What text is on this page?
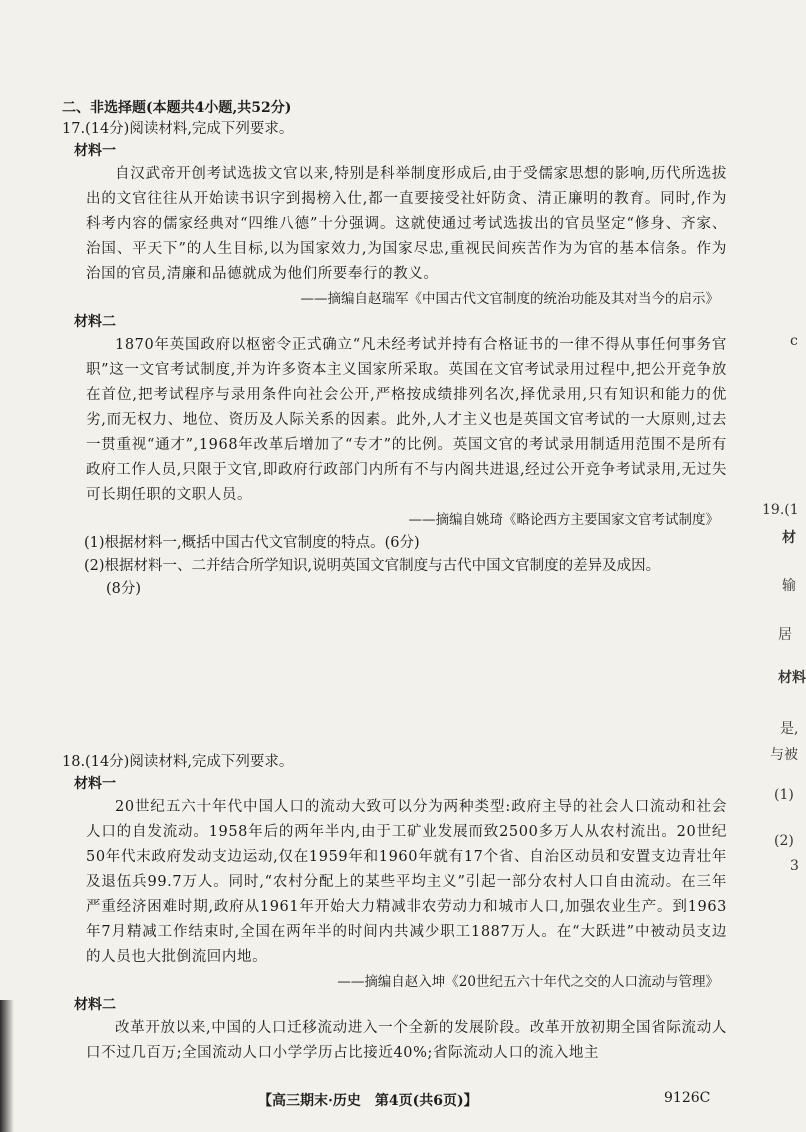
二、非选择题(本题共4小题,共52分)

17.(14分)阅读材料,完成下列要求。

材料一

自汉武帝开创考试选拔文官以来,特别是科举制度形成后,由于受儒家思想的影响,历代所选拔出的文官往往从开始读书识字到揭榜入仕,都一直要接受社奸防贪、清正廉明的教育。同时,作为科考内容的儒家经典对“四维八德”十分强调。这就使通过考试选拔出的官员坚定“修身、齐家、治国、平天下”的人生目标,以为国家效力,为国家尽忠,重视民间疾苦作为为官的基本信条。作为治国的官员,清廉和品德就成为他们所要奉行的教义。

——摘编自赵瑞军《中国古代文官制度的统治功能及其对当今的启示》

材料二

1870年英国政府以枢密令正式确立“凡未经考试并持有合格证书的一律不得从事任何事务官职”这一文官考试制度,并为许多资本主义国家所采取。英国在文官考试录用过程中,把公开竞争放在首位,把考试程序与录用条件向社会公开,严格按成绩排列名次,择优录用,只有知识和能力的优劣,而无权力、地位、资历及人际关系的因素。此外,人才主义也是英国文官考试的一大原则,过去一贯重视“通才”,1968年改革后增加了“专才”的比例。英国文官的考试录用制适用范围不是所有政府工作人员,只限于文官,即政府行政部门内所有不与内阁共进退,经过公开竞争考试录用,无过失可长期任职的文职人员。

——摘编自姚琦《略论西方主要国家文官考试制度》

(1)根据材料一,概括中国古代文官制度的特点。(6分)

(2)根据材料一、二并结合所学知识,说明英国文官制度与古代中国文官制度的差异及成因。

(8分)

18.(14分)阅读材料,完成下列要求。

材料一

20世纪五六十年代中国人口的流动大致可以分为两种类型:政府主导的社会人口流动和社会人口的自发流动。1958年后的两年半内,由于工矿业发展而致2500多万人从农村流出。20世纪50年代末政府发动支边运动,仅在1959年和1960年就有17个省、自治区动员和安置支边青壮年及退伍兵99.7万人。同时,“农村分配上的某些平均主义”引起一部分农村人口自由流动。在三年严重经济困难时期,政府从1961年开始大力精减非农劳动力和城市人口,加强农业生产。到1963年7月精减工作结束时,全国在两年半的时间内共减少职工1887万人。在“大跃进”中被动员支边的人员也大批倒流回内地。

——摘编自赵入坤《20世纪五六十年代之交的人口流动与管理》

材料二

改革开放以来,中国的人口迁移流动进入一个全新的发展阶段。改革开放初期全国省际流动人口不过几百万;全国流动人口小学学历占比接近40%;省际流动人口的流入地主

【高三期末·历史　第4页(共6页)】	9126C
c
19.(1
材
输
居
材料
是,
与被
(1)
(2)
3
